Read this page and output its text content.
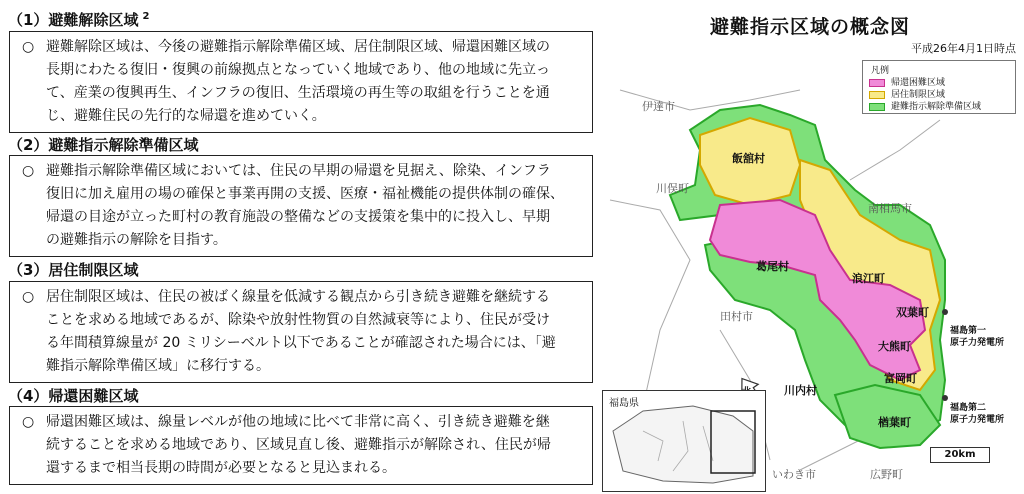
（1）避難解除区域 $^2$
○ 避難解除区域は、今後の避難指示解除準備区域、居住制限区域、帰還困難区域の

長期にわたる復旧・復興の前線拠点となっていく地域であり、他の地域に先立っ

て、産業の復興再生、インフラの復旧、生活環境の再生等の取組を行うことを通

じ、避難住民の先行的な帰還を進めていく。

（2）避難指示解除準備区域
○ 避難指示解除準備区域においては、住民の早期の帰還を見据え、除染、インフラ

復旧に加え雇用の場の確保と事業再開の支援、医療・福祉機能の提供体制の確保、

帰還の目途が立った町村の教育施設の整備などの支援策を集中的に投入し、早期

の避難指示の解除を目指す。

（3）居住制限区域
○ 居住制限区域は、住民の被ばく線量を低減する観点から引き続き避難を継続する

ことを求める地域であるが、除染や放射性物質の自然減衰等により、住民が受け

る年間積算線量が 20 ミリシーベルト以下であることが確認された場合には、「避

難指示解除準備区域」に移行する。

（4）帰還困難区域
○ 帰還困難区域は、線量レベルが他の地域に比べて非常に高く、引き続き避難を継

続することを求める地域であり、区域見直し後、避難指示が解除され、住民が帰

還するまで相当長期の時間が必要となると見込まれる。

避難指示区域の概念図
平成26年4月1日時点
凡例
帰還困難区域
居住制限区域
避難指示解除準備区域
伊達市
飯舘村
川俣町
南相馬市
葛尾村
浪江町
田村市	双葉町
福島第一
原子力発電所
大熊町
富岡町
川内村
楢葉町
福島第二
原子力発電所
いわき市	広野町
福島県
20km
